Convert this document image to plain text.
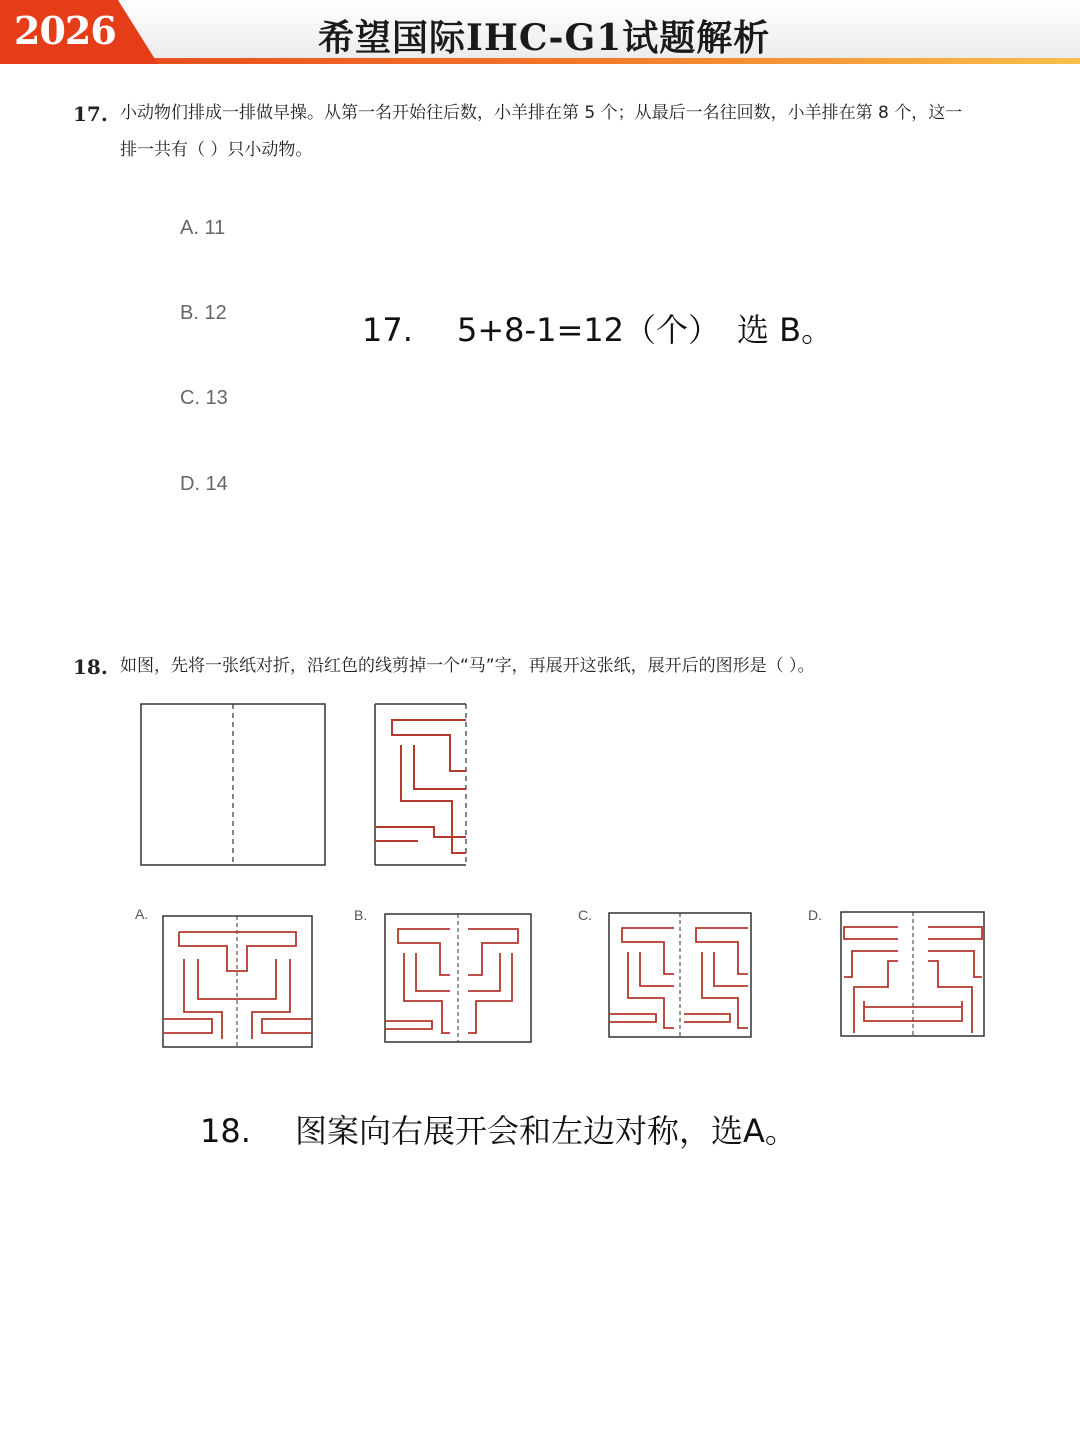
2026	希望国际IHC-G1试题解析
17. 小动物们排成一排做早操。从第一名开始往后数，小羊排在第 5 个；从最后一名往回数，小羊排在第 8 个，这一
排一共有（ ）只小动物。
A. 11
B. 12
C. 13
D. 14
17. 5+8-1=12（个） 选 B。
18. 如图，先将一张纸对折，沿红色的线剪掉一个“马”字，再展开这张纸，展开后的图形是（ ）。
A.	B.	C.	D.
18. 图案向右展开会和左边对称，选A。
